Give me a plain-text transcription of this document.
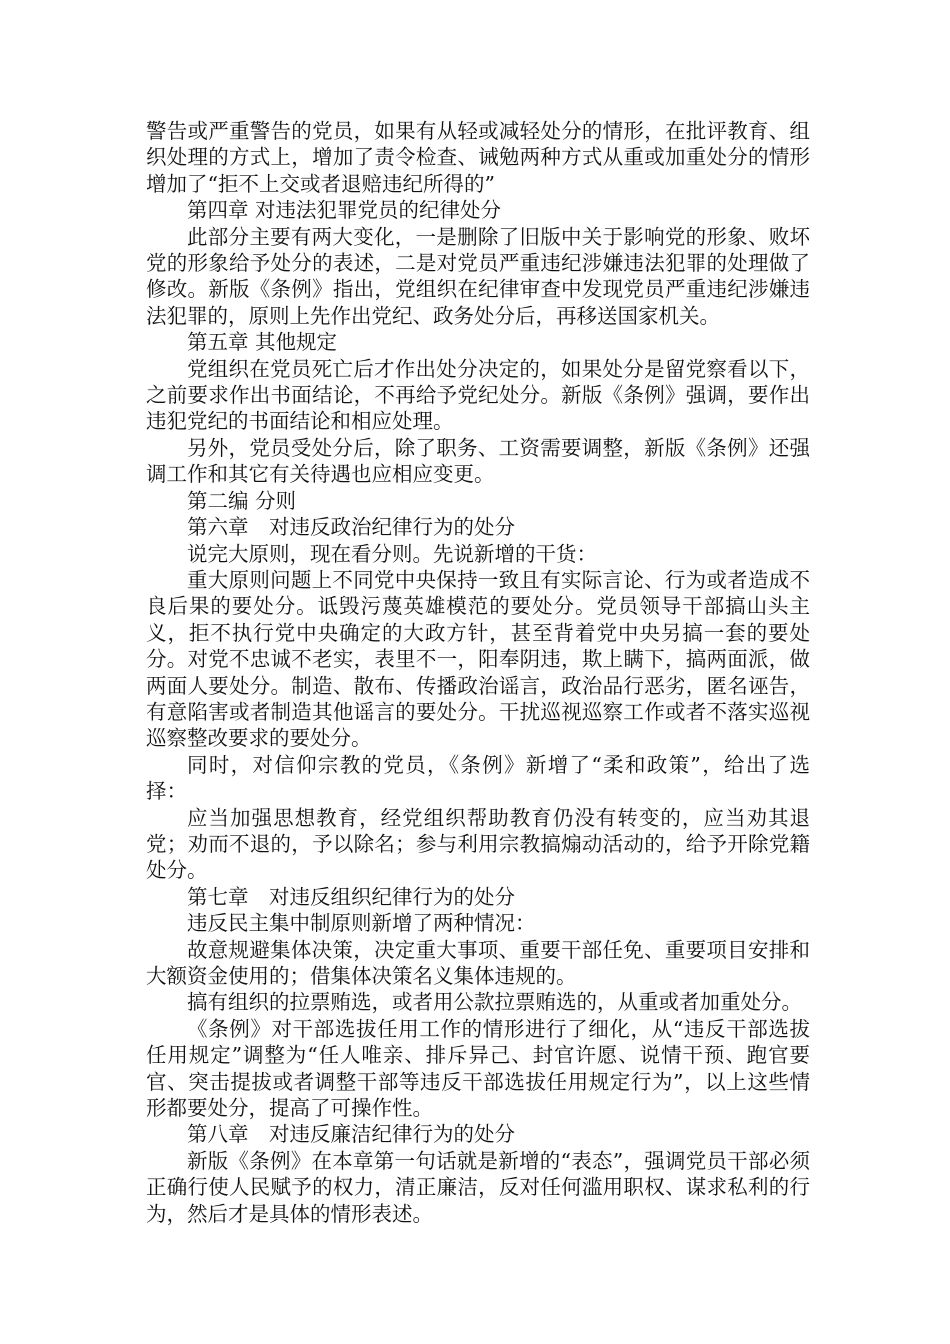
警告或严重警告的党员，如果有从轻或减轻处分的情形，在批评教育、组织处理的方式上，增加了责令检查、诫勉两种方式从重或加重处分的情形增加了“拒不上交或者退赔违纪所得的”

第四章 对违法犯罪党员的纪律处分

此部分主要有两大变化，一是删除了旧版中关于影响党的形象、败坏党的形象给予处分的表述，二是对党员严重违纪涉嫌违法犯罪的处理做了修改。新版《条例》指出，党组织在纪律审查中发现党员严重违纪涉嫌违法犯罪的，原则上先作出党纪、政务处分后，再移送国家机关。

第五章 其他规定

党组织在党员死亡后才作出处分决定的，如果处分是留党察看以下，之前要求作出书面结论，不再给予党纪处分。新版《条例》强调，要作出违犯党纪的书面结论和相应处理。

另外，党员受处分后，除了职务、工资需要调整，新版《条例》还强调工作和其它有关待遇也应相应变更。

第二编 分则

第六章　对违反政治纪律行为的处分

说完大原则，现在看分则。先说新增的干货：

重大原则问题上不同党中央保持一致且有实际言论、行为或者造成不良后果的要处分。诋毁污蔑英雄模范的要处分。党员领导干部搞山头主义，拒不执行党中央确定的大政方针，甚至背着党中央另搞一套的要处分。对党不忠诚不老实，表里不一，阳奉阴违，欺上瞒下，搞两面派，做两面人要处分。制造、散布、传播政治谣言，政治品行恶劣，匿名诬告，有意陷害或者制造其他谣言的要处分。干扰巡视巡察工作或者不落实巡视巡察整改要求的要处分。

同时，对信仰宗教的党员，《条例》新增了“柔和政策”，给出了选择：

应当加强思想教育，经党组织帮助教育仍没有转变的，应当劝其退党；劝而不退的，予以除名；参与利用宗教搞煽动活动的，给予开除党籍处分。

第七章　对违反组织纪律行为的处分

违反民主集中制原则新增了两种情况：

故意规避集体决策，决定重大事项、重要干部任免、重要项目安排和大额资金使用的；借集体决策名义集体违规的。

搞有组织的拉票贿选，或者用公款拉票贿选的，从重或者加重处分。

《条例》对干部选拔任用工作的情形进行了细化，从“违反干部选拔任用规定”调整为“任人唯亲、排斥异己、封官许愿、说情干预、跑官要官、突击提拔或者调整干部等违反干部选拔任用规定行为”，以上这些情形都要处分，提高了可操作性。

第八章　对违反廉洁纪律行为的处分

新版《条例》在本章第一句话就是新增的“表态”，强调党员干部必须正确行使人民赋予的权力，清正廉洁，反对任何滥用职权、谋求私利的行为，然后才是具体的情形表述。
